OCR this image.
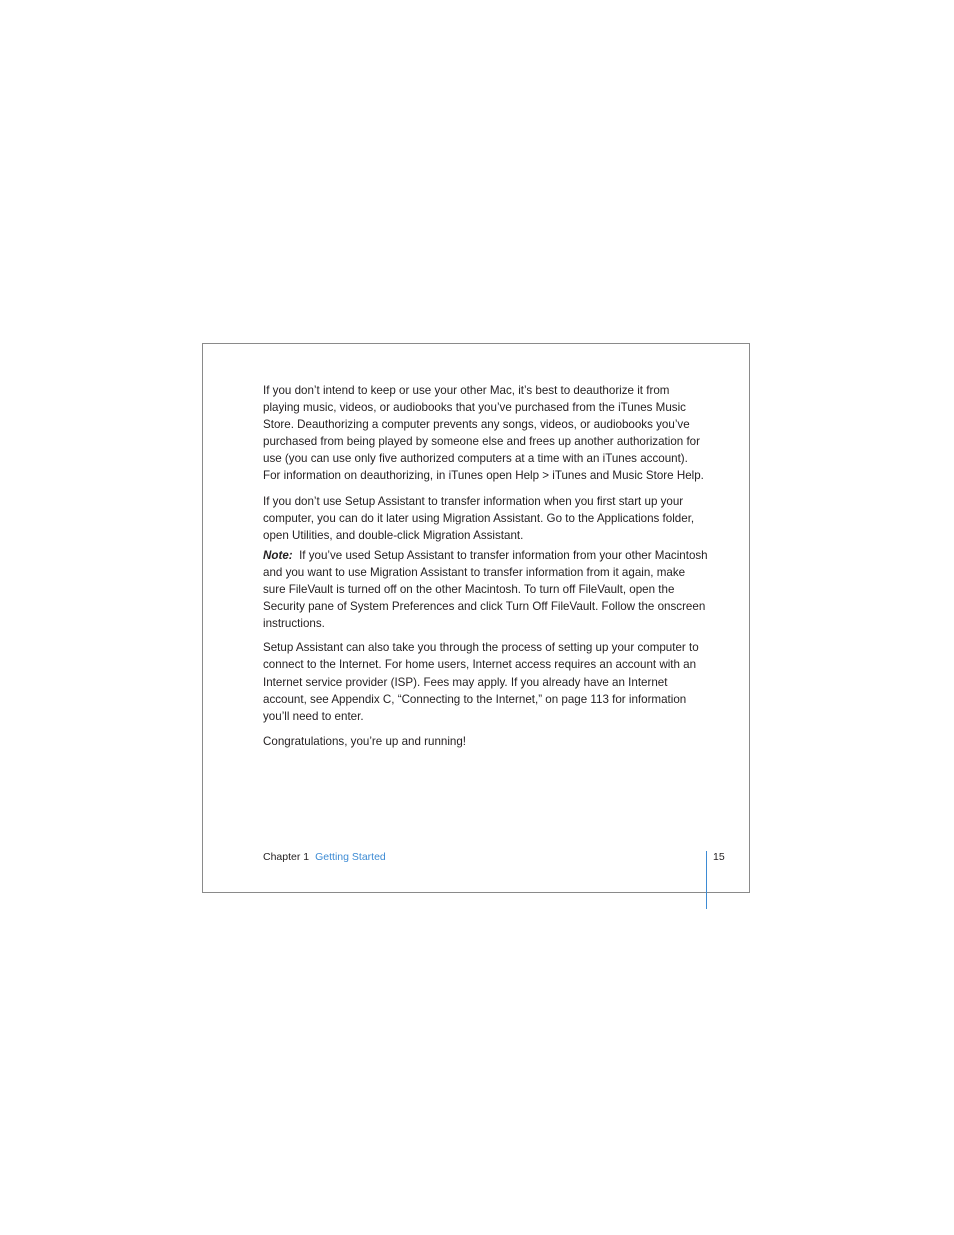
If you don’t intend to keep or use your other Mac, it’s best to deauthorize it from playing music, videos, or audiobooks that you’ve purchased from the iTunes Music Store. Deauthorizing a computer prevents any songs, videos, or audiobooks you’ve purchased from being played by someone else and frees up another authorization for use (you can use only five authorized computers at a time with an iTunes account). For information on deauthorizing, in iTunes open Help > iTunes and Music Store Help.

If you don’t use Setup Assistant to transfer information when you first start up your computer, you can do it later using Migration Assistant. Go to the Applications folder, open Utilities, and double-click Migration Assistant.

Note: If you’ve used Setup Assistant to transfer information from your other Macintosh and you want to use Migration Assistant to transfer information from it again, make sure FileVault is turned off on the other Macintosh. To turn off FileVault, open the Security pane of System Preferences and click Turn Off FileVault. Follow the onscreen instructions.

Setup Assistant can also take you through the process of setting up your computer to connect to the Internet. For home users, Internet access requires an account with an Internet service provider (ISP). Fees may apply. If you already have an Internet account, see Appendix C, “Connecting to the Internet,” on page 113 for information you’ll need to enter.

Congratulations, you’re up and running!

Chapter 1 Getting Started	15
